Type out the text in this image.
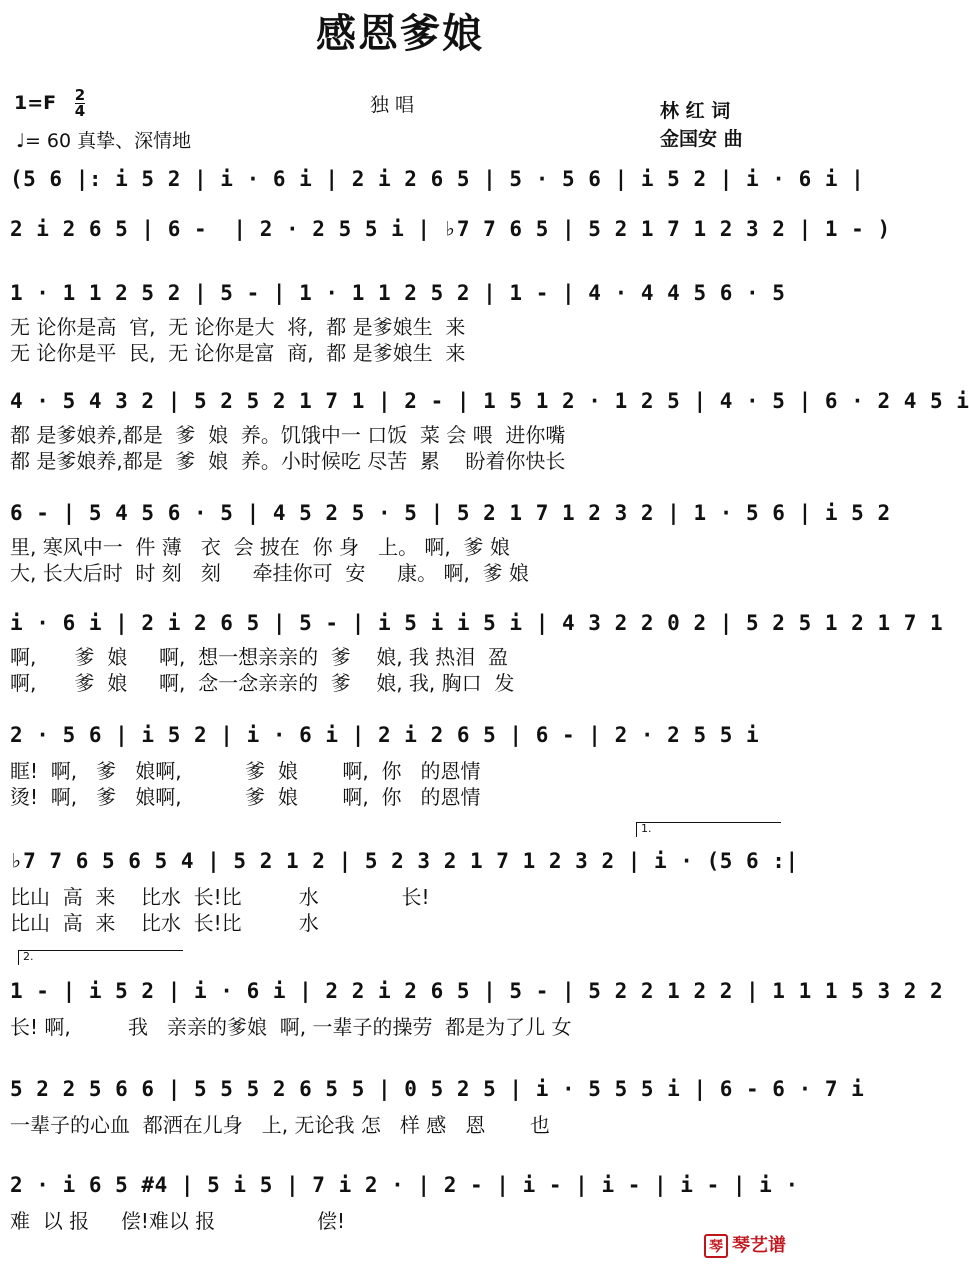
感恩爹娘
$1=F \frac{2}{4}$
♩= 60 真挚、深情地
独 唱	林 红 词
金国安 曲
(5 6 |: i 5 2 | i · 6 i | 2 i 2 6 5 | 5 · 5 6 | i 5 2 | i · 6 i |
2 i 2 6 5 | 6 -  | 2 · 2 5 5 i | ♭7 7 6 5 | 5 2 1 7 1 2 3 2 | 1 - )
1 · 1 1 2 5 2 | 5 - | 1 · 1 1 2 5 2 | 1 - | 4 · 4 4 5 6 · 5
无 论你是高  官,  无 论你是大  将,  都 是爹娘生  来
无 论你是平  民,  无 论你是富  商,  都 是爹娘生  来
4 · 5 4 3 2 | 5 2 5 2 1 7 1 | 2 - | 1 5 1 2 · 1 2 5 | 4 · 5 | 6 · 2 4 5 i
都 是爹娘养,都是  爹  娘  养。饥饿中一 口饭  菜 会 喂  进你嘴
都 是爹娘养,都是  爹  娘  养。小时候吃 尽苦  累    盼着你快长
6 - | 5 4 5 6 · 5 | 4 5 2 5 · 5 | 5 2 1 7 1 2 3 2 | 1 · 5 6 | i 5 2
里, 寒风中一  件 薄   衣  会 披在  你 身   上。 啊,  爹 娘
大, 长大后时  时 刻   刻     牵挂你可  安     康。 啊,  爹 娘
i · 6 i | 2 i 2 6 5 | 5 - | i 5 i i 5 i | 4 3 2 2 0 2 | 5 2 5 1 2 1 7 1
啊,      爹  娘     啊,  想一想亲亲的  爹    娘, 我 热泪  盈
啊,      爹  娘     啊,  念一念亲亲的  爹    娘, 我, 胸口  发
2 · 5 6 | i 5 2 | i · 6 i | 2 i 2 6 5 | 6 - | 2 · 2 5 5 i
眶!  啊,   爹   娘啊,          爹  娘       啊,  你   的恩情
烫!  啊,   爹   娘啊,          爹  娘       啊,  你   的恩情
1.
♭7 7 6 5 6 5 4 | 5 2 1 2 | 5 2 3 2 1 7 1 2 3 2 | i · (5 6 :|
比山  高  来    比水  长!比         水             长!
比山  高  来    比水  长!比         水
2.
1 - | i 5 2 | i · 6 i | 2 2 i 2 6 5 | 5 - | 5 2 2 1 2 2 | 1 1 1 5 3 2 2
长! 啊,         我   亲亲的爹娘  啊, 一辈子的操劳  都是为了儿 女
5 2 2 5 6 6 | 5 5 5 2 6 5 5 | 0 5 2 5 | i · 5 5 5 i | 6 - 6 · 7 i
一辈子的心血  都洒在儿身   上, 无论我 怎   样 感   恩       也
2 · i 6 5 #4 | 5 i 5 | 7 i 2 · | 2 - | i - | i - | i - | i ·
难  以 报     偿!难以 报                偿!
琴 琴艺谱
